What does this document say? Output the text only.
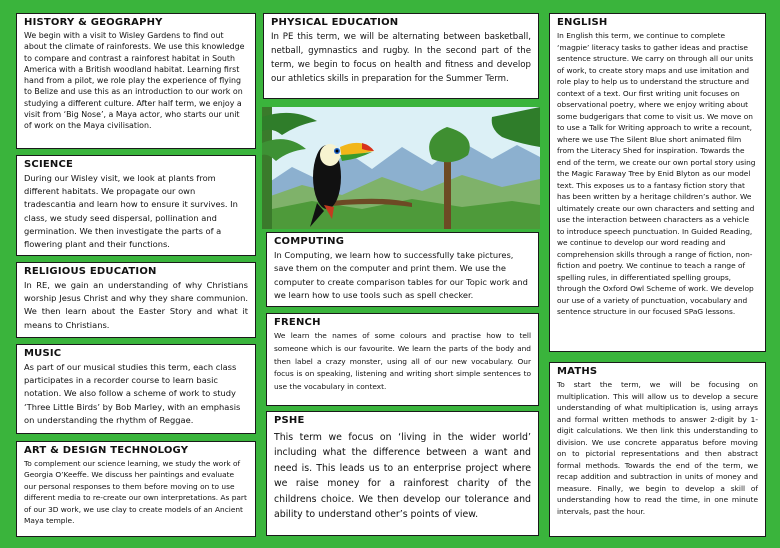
HISTORY & GEOGRAPHY

We begin with a visit to Wisley Gardens to find out about the climate of rainforests. We use this knowledge to compare and contrast a rainforest habitat in South America with a British woodland habitat. Learning first hand from a pilot, we role play the experience of flying to Belize and use this as an introduction to our work on studying a different culture. After half term, we enjoy a visit from ‘Big Nose’, a Maya actor, who starts our unit of work on the Maya civilisation.

SCIENCE

During our Wisley visit, we look at plants from different habitats. We propagate our own tradescantia and learn how to ensure it survives. In class, we study seed dispersal, pollination and germination. We then investigate the parts of a flowering plant and their functions.

RELIGIOUS EDUCATION

In RE, we gain an understanding of why Christians worship Jesus Christ and why they share communion. We then learn about the Easter Story and what it means to Christians.

MUSIC

As part of our musical studies this term, each class participates in a recorder course to learn basic notation. We also follow a scheme of work to study ‘Three Little Birds’ by Bob Marley, with an emphasis on understanding the rhythm of Reggae.

ART & DESIGN TECHNOLOGY

To complement our science learning, we study the work of Georgia O’Keeffe. We discuss her paintings and evaluate our personal responses to them before moving on to use different media to re-create our own interpretations. As part of our 3D work, we use clay to create models of an Ancient Maya temple.

PHYSICAL EDUCATION

In PE this term, we will be alternating between basketball, netball, gymnastics and rugby. In the second part of the term, we begin to focus on health and fitness and develop our athletics skills in preparation for the Summer Term.

COMPUTING

In Computing, we learn how to successfully take pictures, save them on the computer and print them. We use the computer to create comparison tables for our Topic work and we learn how to use tools such as spell checker.

FRENCH

We learn the names of some colours and practise how to tell someone which is our favourite. We learn the parts of the body and then label a crazy monster, using all of our new vocabulary. Our focus is on speaking, listening and writing short simple sentences to use the vocabulary in context.

PSHE

This term we focus on ‘living in the wider world’ including what the difference between a want and need is. This leads us to an enterprise project where we raise money for a rainforest charity of the childrens choice. We then develop our tolerance and ability to understand other’s points of view.

ENGLISH

In English this term, we continue to complete ‘magpie’ literacy tasks to gather ideas and practise sentence structure. We carry on through all our units of work, to create story maps and use imitation and role play to help us to understand the structure and context of a text. Our first writing unit focuses on observational poetry, where we enjoy writing about some budgerigars that come to visit us. We move on to use a Talk for Writing approach to write a recount, where we use The Silent Blue short animated film from the Literacy Shed for inspiration. Towards the end of the term, we create our own portal story using the Magic Faraway Tree by Enid Blyton as our model text. This exposes us to a fantasy fiction story that has been written by a heritage children’s author. We ultimately create our own characters and setting and use the interaction between characters as a vehicle to introduce speech punctuation. In Guided Reading, we continue to develop our word reading and comprehension skills through a range of fiction, non-fiction and poetry. We continue to teach a range of spelling rules, in differentiated spelling groups, through the Oxford Owl Scheme of work. We develop our use of a variety of punctuation, vocabulary and sentence structure in our focused SPaG lessons.

MATHS

To start the term, we will be focusing on multiplication. This will allow us to develop a secure understanding of what multiplication is, using arrays and formal written methods to answer 2-digit by 1-digit calculations. We then link this understanding to division. We use concrete apparatus before moving on to pictorial representations and then abstract formal methods. Towards the end of the term, we recap addition and subtraction in units of money and measure. Finally, we begin to develop a skill of understanding how to read the time, in one minute intervals, past the hour.
